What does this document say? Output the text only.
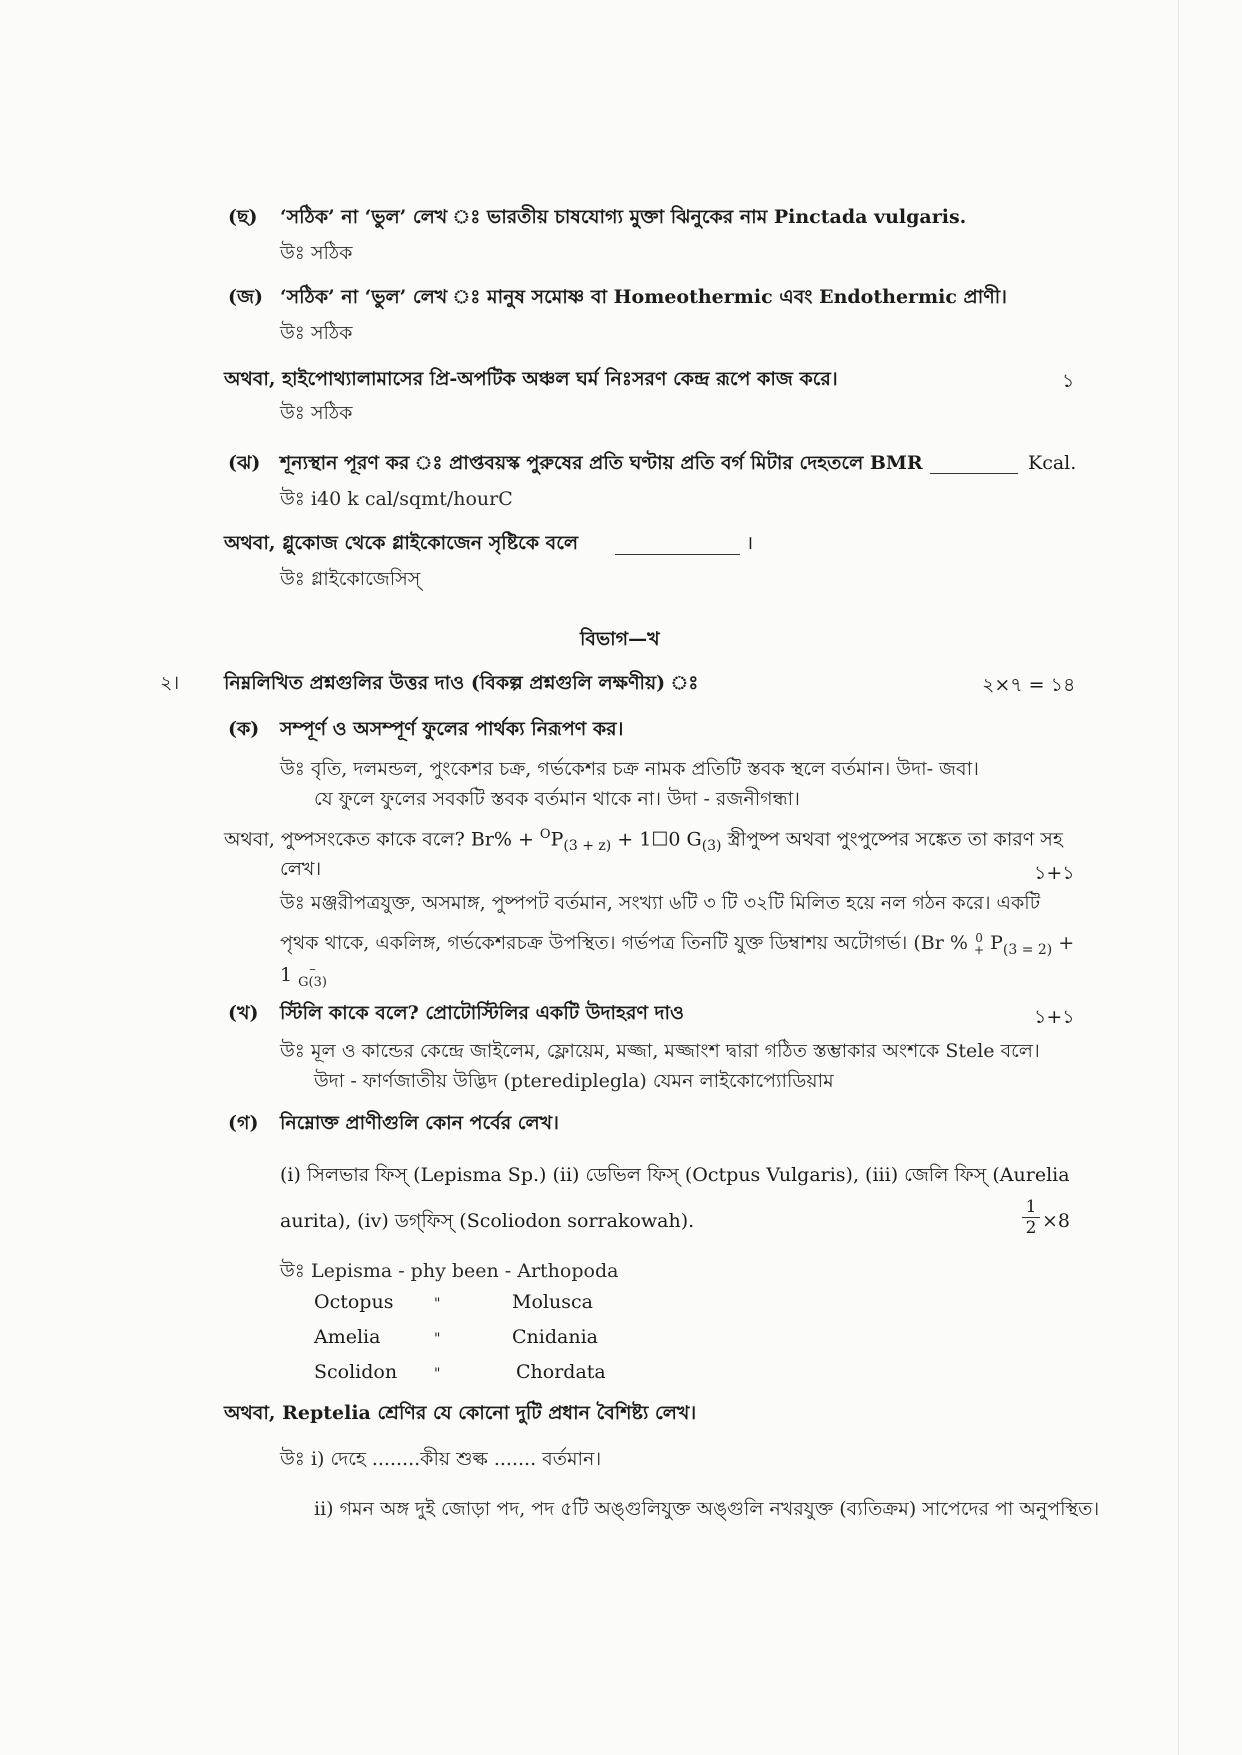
(ছ) ‘সঠিক’ না ‘ভুল’ লেখ ঃ ভারতীয় চাষযোগ্য মুক্তা ঝিনুকের নাম Pinctada vulgaris.
উঃ সঠিক
(জ) ‘সঠিক’ না ‘ভুল’ লেখ ঃ মানুষ সমোষ্ণ বা Homeothermic এবং Endothermic প্রাণী।
উঃ সঠিক
অথবা, হাইপোথ্যালামাসের প্রি-অপটিক অঞ্চল ঘর্ম নিঃসরণ কেন্দ্র রূপে কাজ করে।	১
উঃ সঠিক
(ঝ) শূন্যস্থান পূরণ কর ঃ প্রাপ্তবয়স্ক পুরুষের প্রতি ঘণ্টায় প্রতি বর্গ মিটার দেহতলে BMR	Kcal.
উঃ i40 k cal/sqmt/hourС
অথবা, গ্লুকোজ থেকে গ্লাইকোজেন সৃষ্টিকে বলে	।
উঃ গ্লাইকোজেসিস্
বিভাগ—খ
২। নিম্নলিখিত প্রশ্নগুলির উত্তর দাও (বিকল্প প্রশ্নগুলি লক্ষণীয়) ঃ	২×৭ = ১৪
(ক) সম্পূর্ণ ও অসম্পূর্ণ ফুলের পার্থক্য নিরূপণ কর।
উঃ বৃতি, দলমন্ডল, পুংকেশর চক্র, গর্ভকেশর চক্র নামক প্রতিটি স্তবক স্থলে বর্তমান। উদা- জবা।
যে ফুলে ফুলের সবকটি স্তবক বর্তমান থাকে না। উদা - রজনীগন্ধা।
অথবা, পুষ্পসংকেত কাকে বলে? $Br\% + ^OP_{(3 + z)}$ + 1☐0 $G_{(3)}$ স্ত্রীপুষ্প অথবা পুংপুষ্পের সঙ্কেত তা কারণ সহ
লেখ।	১+১
উঃ মঞ্জরীপত্রযুক্ত, অসমাঙ্গ, পুষ্পপট বর্তমান, সংখ্যা ৬টি ৩ টি ৩২টি মিলিত হয়ে নল গঠন করে। একটি
পৃথক থাকে, একলিঙ্গ, গর্ভকেশরচক্র উপস্থিত। গর্ভপত্র তিনটি যুক্ত ডিম্বাশয় অটোগর্ভ। (Br % 0
+ $P_{(3 = 2)}$ +
1	–
G(3)
(খ) স্টিলি কাকে বলে? প্রোটোস্টিলির একটি উদাহরণ দাও	১+১
উঃ মূল ও কান্ডের কেন্দ্রে জাইলেম, ফ্লোয়েম, মজ্জা, মজ্জাংশ দ্বারা গঠিত স্তম্ভাকার অংশকে Stele বলে।
উদা - ফার্ণজাতীয় উদ্ভিদ (pterediplegla) যেমন লাইকোপ্যোডিয়াম
(গ) নিম্নোক্ত প্রাণীগুলি কোন পর্বের লেখ।
(i) সিলভার ফিস্ (Lepisma Sp.) (ii) ডেভিল ফিস্ (Octpus Vulgaris), (iii) জেলি ফিস্ (Aurelia
aurita), (iv) ডগ্‌ফিস্ (Scoliodon sorrakowah).
1
2 ×8
উঃ Lepisma - phy been - Arthopoda
Octopus	"	Molusca
Amelia	"	Cnidania
Scolidon	"	Chordata
অথবা, Reptelia শ্রেণির যে কোনো দুটি প্রধান বৈশিষ্ট্য লেখ।
উঃ i) দেহে ........কীয় শুল্ক ....... বর্তমান।
ii) গমন অঙ্গ দুই জোড়া পদ, পদ ৫টি অঙ্গুলিযুক্ত অঙ্গুলি নখরযুক্ত (ব্যতিক্রম) সাপেদের পা অনুপস্থিত।
